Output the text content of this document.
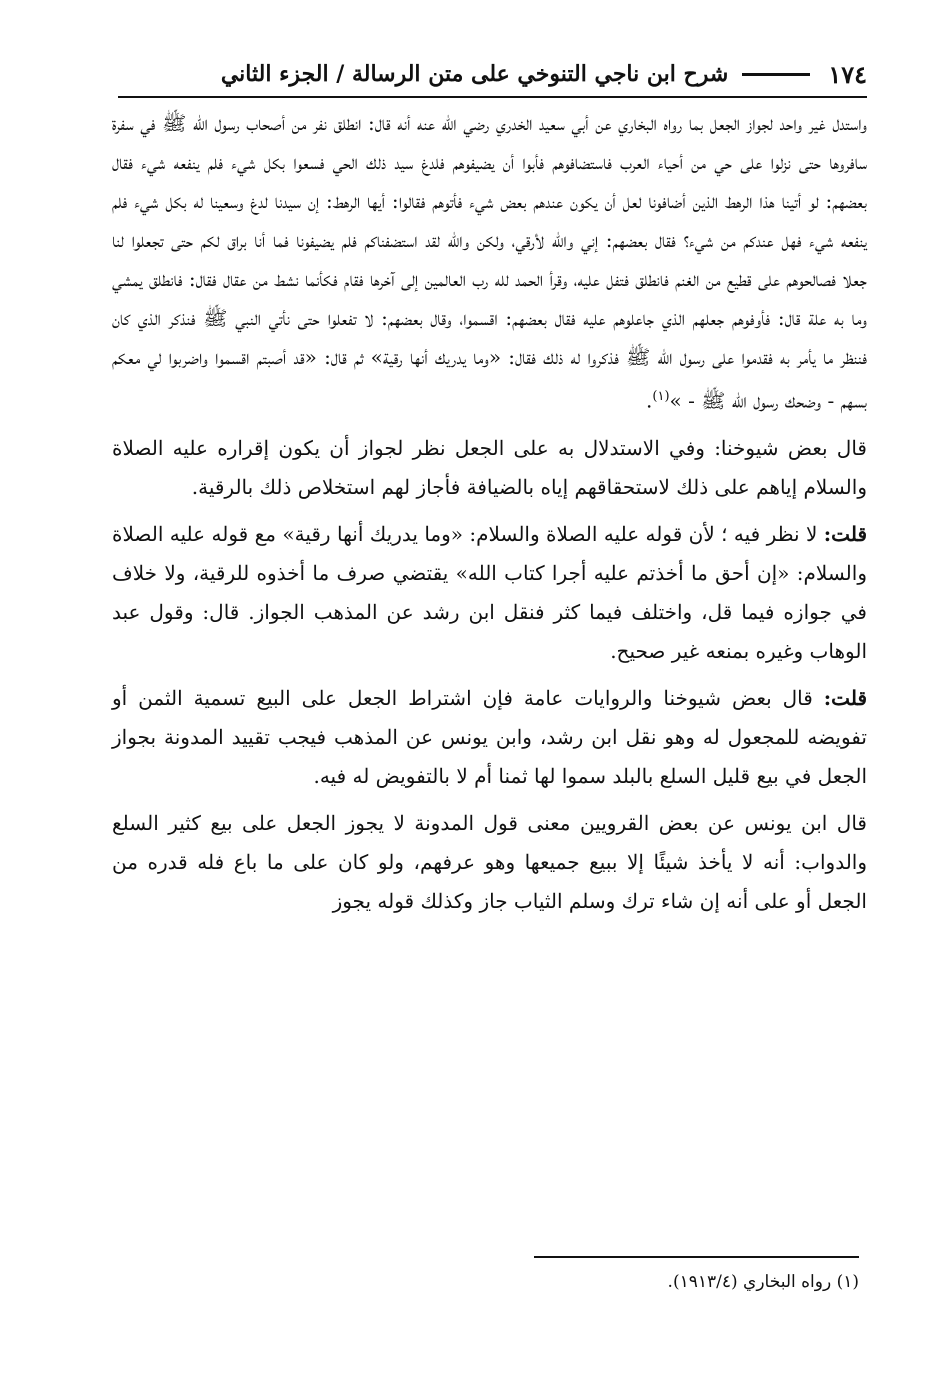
١٧٤
شرح ابن ناجي التنوخي على متن الرسالة / الجزء الثاني

واستدل غير واحد لجواز الجعل بما رواه البخاري عن أبي سعيد الخدري رضي الله عنه أنه قال: انطلق نفر من أصحاب رسول الله ﷺ في سفرة سافروها حتى نزلوا على حي من أحياء العرب فاستضافوهم فأبوا أن يضيفوهم فلدغ سيد ذلك الحي فسعوا بكل شيء فلم ينفعه شيء فقال بعضهم: لو أتينا هذا الرهط الذين أضافونا لعل أن يكون عندهم بعض شيء فأتوهم فقالوا: أيها الرهط: إن سيدنا لدغ وسعينا له بكل شيء فلم ينفعه شيء فهل عندكم من شيء؟ فقال بعضهم: إني والله لأرقي، ولكن والله لقد استضفناكم فلم يضيفونا فما أنا براق لكم حتى تجعلوا لنا جعلا فصالحوهم على قطيع من الغنم فانطلق فتفل عليه، وقرأ الحمد لله رب العالمين إلى آخرها فقام فكأنما نشط من عقال فقال: فانطلق يمشي وما به علة قال: فأوفوهم جعلهم الذي جاعلوهم عليه فقال بعضهم: اقسموا، وقال بعضهم: لا تفعلوا حتى نأتي النبي ﷺ فنذكر الذي كان فننظر ما يأمر به فقدموا على رسول الله ﷺ فذكروا له ذلك فقال: «وما يدريك أنها رقية» ثم قال: «قد أصبتم اقسموا واضربوا لي معكم بسهم - وضحك رسول الله ﷺ - »$^{(١)}$.

قال بعض شيوخنا: وفي الاستدلال به على الجعل نظر لجواز أن يكون إقراره عليه الصلاة والسلام إياهم على ذلك لاستحقاقهم إياه بالضيافة فأجاز لهم استخلاص ذلك بالرقية.

قلت: لا نظر فيه ؛ لأن قوله عليه الصلاة والسلام: «وما يدريك أنها رقية» مع قوله عليه الصلاة والسلام: «إن أحق ما أخذتم عليه أجرا كتاب الله» يقتضي صرف ما أخذوه للرقية، ولا خلاف في جوازه فيما قل، واختلف فيما كثر فنقل ابن رشد عن المذهب الجواز. قال: وقول عبد الوهاب وغيره بمنعه غير صحيح.

قلت: قال بعض شيوخنا والروايات عامة فإن اشتراط الجعل على البيع تسمية الثمن أو تفويضه للمجعول له وهو نقل ابن رشد، وابن يونس عن المذهب فيجب تقييد المدونة بجواز الجعل في بيع قليل السلع بالبلد سموا لها ثمنا أم لا بالتفويض له فيه.

قال ابن يونس عن بعض القرويين معنى قول المدونة لا يجوز الجعل على بيع كثير السلع والدواب: أنه لا يأخذ شيئًا إلا ببيع جميعها وهو عرفهم، ولو كان على ما باع فله قدره من الجعل أو على أنه إن شاء ترك وسلم الثياب جاز وكذلك قوله يجوز

(١) رواه البخاري (١٩١٣/٤).
